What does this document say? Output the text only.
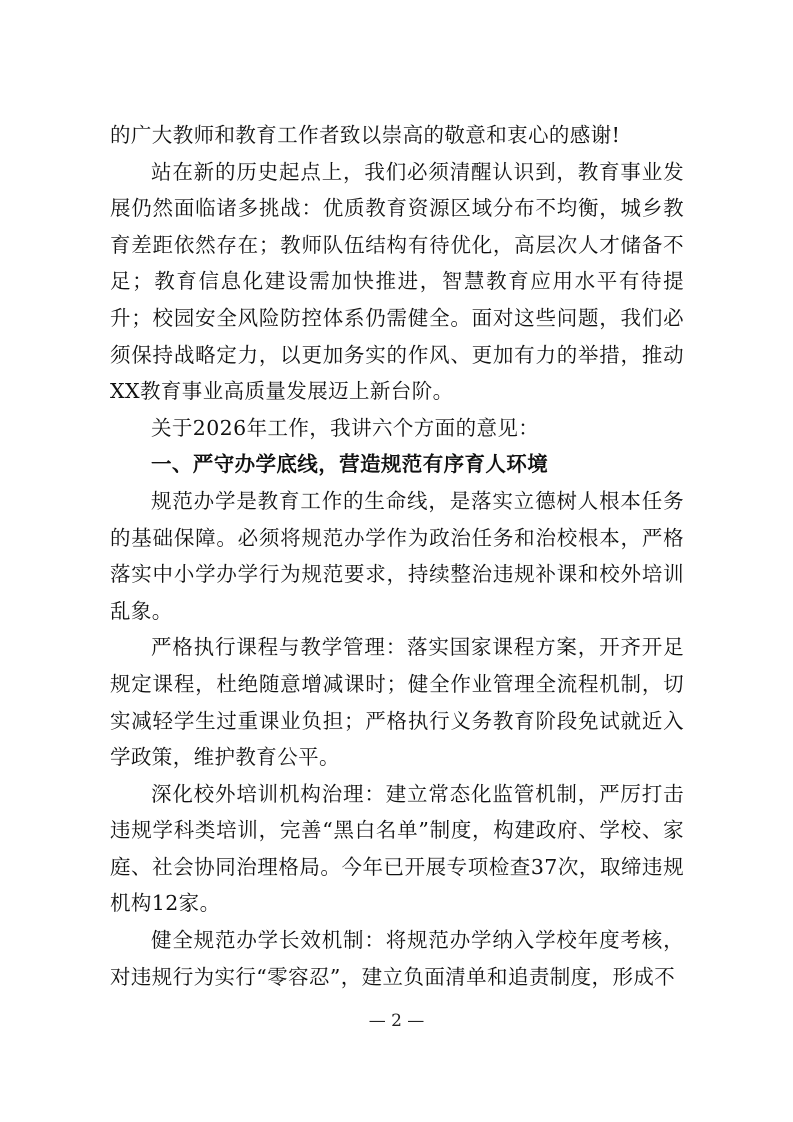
的广大教师和教育工作者致以崇高的敬意和衷心的感谢!

站在新的历史起点上，我们必须清醒认识到，教育事业发展仍然面临诸多挑战：优质教育资源区域分布不均衡，城乡教育差距依然存在；教师队伍结构有待优化，高层次人才储备不足；教育信息化建设需加快推进，智慧教育应用水平有待提升；校园安全风险防控体系仍需健全。面对这些问题，我们必须保持战略定力，以更加务实的作风、更加有力的举措，推动XX教育事业高质量发展迈上新台阶。

关于2026年工作，我讲六个方面的意见：

一、严守办学底线，营造规范有序育人环境

规范办学是教育工作的生命线，是落实立德树人根本任务的基础保障。必须将规范办学作为政治任务和治校根本，严格落实中小学办学行为规范要求，持续整治违规补课和校外培训乱象。

严格执行课程与教学管理：落实国家课程方案，开齐开足规定课程，杜绝随意增减课时；健全作业管理全流程机制，切实减轻学生过重课业负担；严格执行义务教育阶段免试就近入学政策，维护教育公平。

深化校外培训机构治理：建立常态化监管机制，严厉打击违规学科类培训，完善“黑白名单”制度，构建政府、学校、家庭、社会协同治理格局。今年已开展专项检查37次，取缔违规机构12家。

健全规范办学长效机制：将规范办学纳入学校年度考核，对违规行为实行“零容忍”，建立负面清单和追责制度，形成不

— 2 —
